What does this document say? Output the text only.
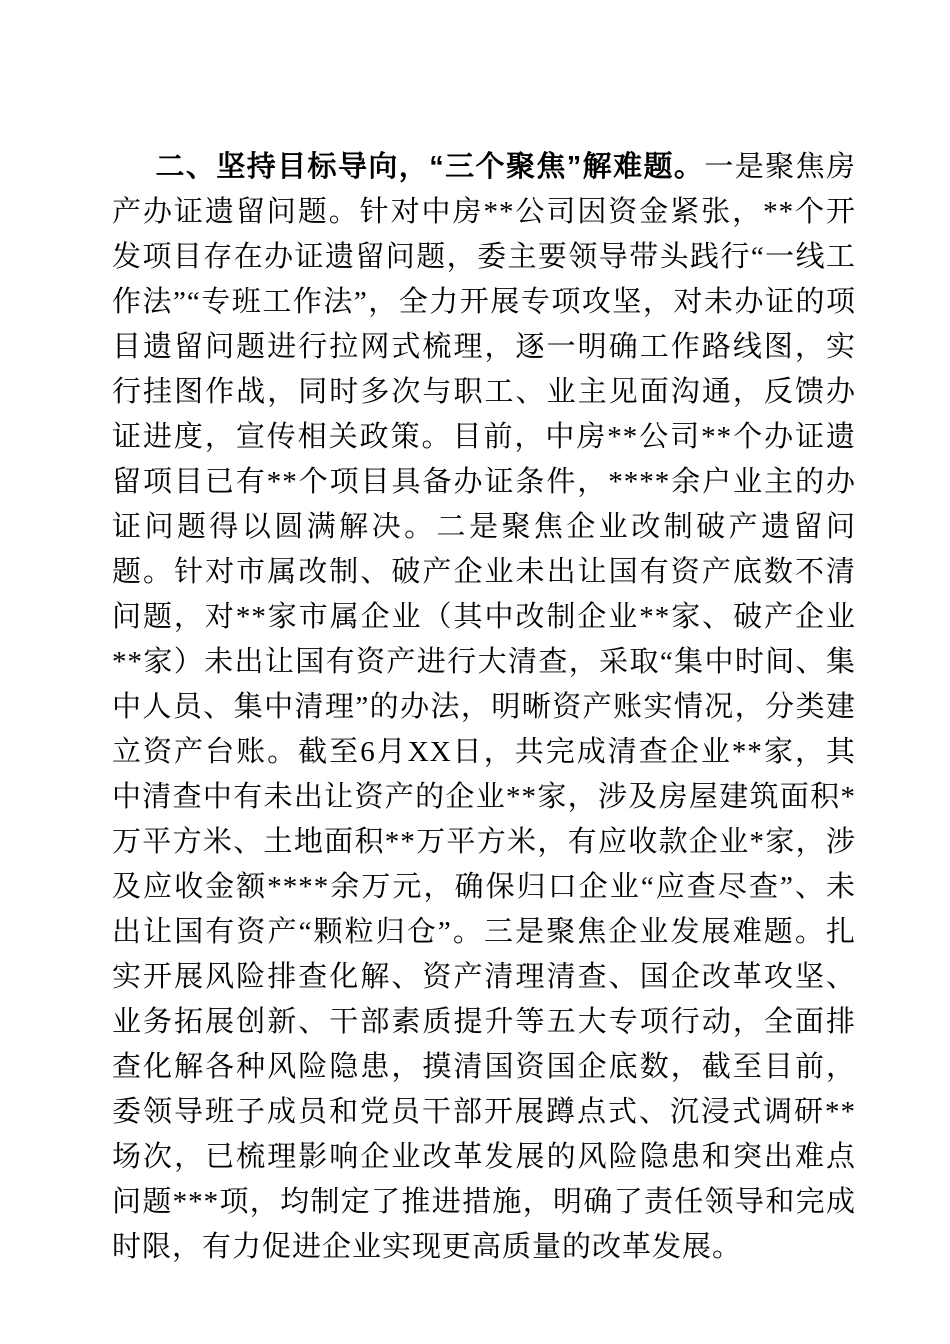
二、坚持目标导向，“三个聚焦”解难题。一是聚焦房产办证遗留问题。针对中房**公司因资金紧张，**个开发项目存在办证遗留问题，委主要领导带头践行“一线工作法”“专班工作法”，全力开展专项攻坚，对未办证的项目遗留问题进行拉网式梳理，逐一明确工作路线图，实行挂图作战，同时多次与职工、业主见面沟通，反馈办证进度，宣传相关政策。目前，中房**公司**个办证遗留项目已有**个项目具备办证条件，****余户业主的办证问题得以圆满解决。二是聚焦企业改制破产遗留问题。针对市属改制、破产企业未出让国有资产底数不清问题，对**家市属企业（其中改制企业**家、破产企业**家）未出让国有资产进行大清查，采取“集中时间、集中人员、集中清理”的办法，明晰资产账实情况，分类建立资产台账。截至6月XX日，共完成清查企业**家，其中清查中有未出让资产的企业**家，涉及房屋建筑面积*万平方米、土地面积**万平方米，有应收款企业*家，涉及应收金额****余万元，确保归口企业“应查尽查”、未出让国有资产“颗粒归仓”。三是聚焦企业发展难题。扎实开展风险排查化解、资产清理清查、国企改革攻坚、业务拓展创新、干部素质提升等五大专项行动，全面排查化解各种风险隐患，摸清国资国企底数，截至目前，委领导班子成员和党员干部开展蹲点式、沉浸式调研**场次，已梳理影响企业改革发展的风险隐患和突出难点问题***项，均制定了推进措施，明确了责任领导和完成时限，有力促进企业实现更高质量的改革发展。
